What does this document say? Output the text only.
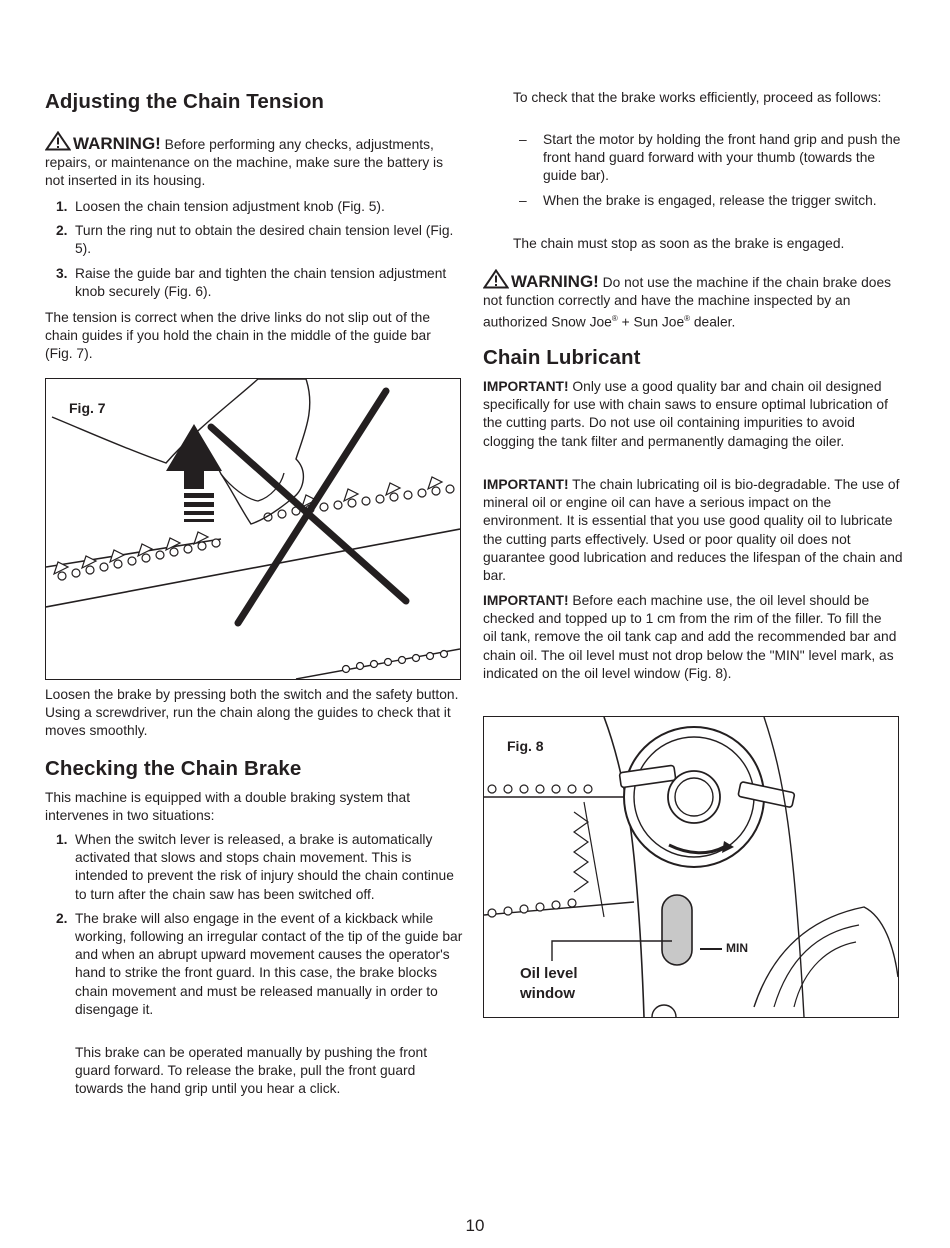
Adjusting the Chain Tension

WARNING! Before performing any checks, adjustments, repairs, or maintenance on the machine, make sure the battery is not inserted in its housing.

1. Loosen the chain tension adjustment knob (Fig. 5).
2. Turn the ring nut to obtain the desired chain tension level (Fig. 5).
3. Raise the guide bar and tighten the chain tension adjustment knob securely (Fig. 6).

The tension is correct when the drive links do not slip out of the chain guides if you hold the chain in the middle of the guide bar (Fig. 7).

Loosen the brake by pressing both the switch and the safety button. Using a screwdriver, run the chain along the guides to check that it moves smoothly.

Checking the Chain Brake

This machine is equipped with a double braking system that intervenes in two situations:

1. When the switch lever is released, a brake is automatically activated that slows and stops chain movement. This is intended to prevent the risk of injury should the chain continue to turn after the chain saw has been switched off.
2. The brake will also engage in the event of a kickback while working, following an irregular contact of the tip of the guide bar and when an abrupt upward movement causes the operator's hand to strike the front guard. In this case, the brake blocks chain movement and must be released manually in order to disengage it.

This brake can be operated manually by pushing the front guard forward. To release the brake, pull the front guard towards the hand grip until you hear a click.

Fig. 7

To check that the brake works efficiently, proceed as follows:

– Start the motor by holding the front hand grip and push the front hand guard forward with your thumb (towards the guide bar).
– When the brake is engaged, release the trigger switch.

The chain must stop as soon as the brake is engaged.

WARNING! Do not use the machine if the chain brake does not function correctly and have the machine inspected by an authorized Snow Joe® + Sun Joe® dealer.

Chain Lubricant

IMPORTANT! Only use a good quality bar and chain oil designed specifically for use with chain saws to ensure optimal lubrication of the cutting parts. Do not use oil containing impurities to avoid clogging the tank filter and permanently damaging the oiler.

IMPORTANT! The chain lubricating oil is bio-degradable. The use of mineral oil or engine oil can have a serious impact on the environment. It is essential that you use good quality oil to lubricate the cutting parts effectively. Used or poor quality oil does not guarantee good lubrication and reduces the lifespan of the chain and bar.

IMPORTANT! Before each machine use, the oil level should be checked and topped up to 1 cm from the rim of the filler. To fill the oil tank, remove the oil tank cap and add the recommended bar and chain oil. The oil level must not drop below the "MIN" level mark, as indicated on the oil level window (Fig. 8).

Fig. 8
MIN
Oil level
window
10
